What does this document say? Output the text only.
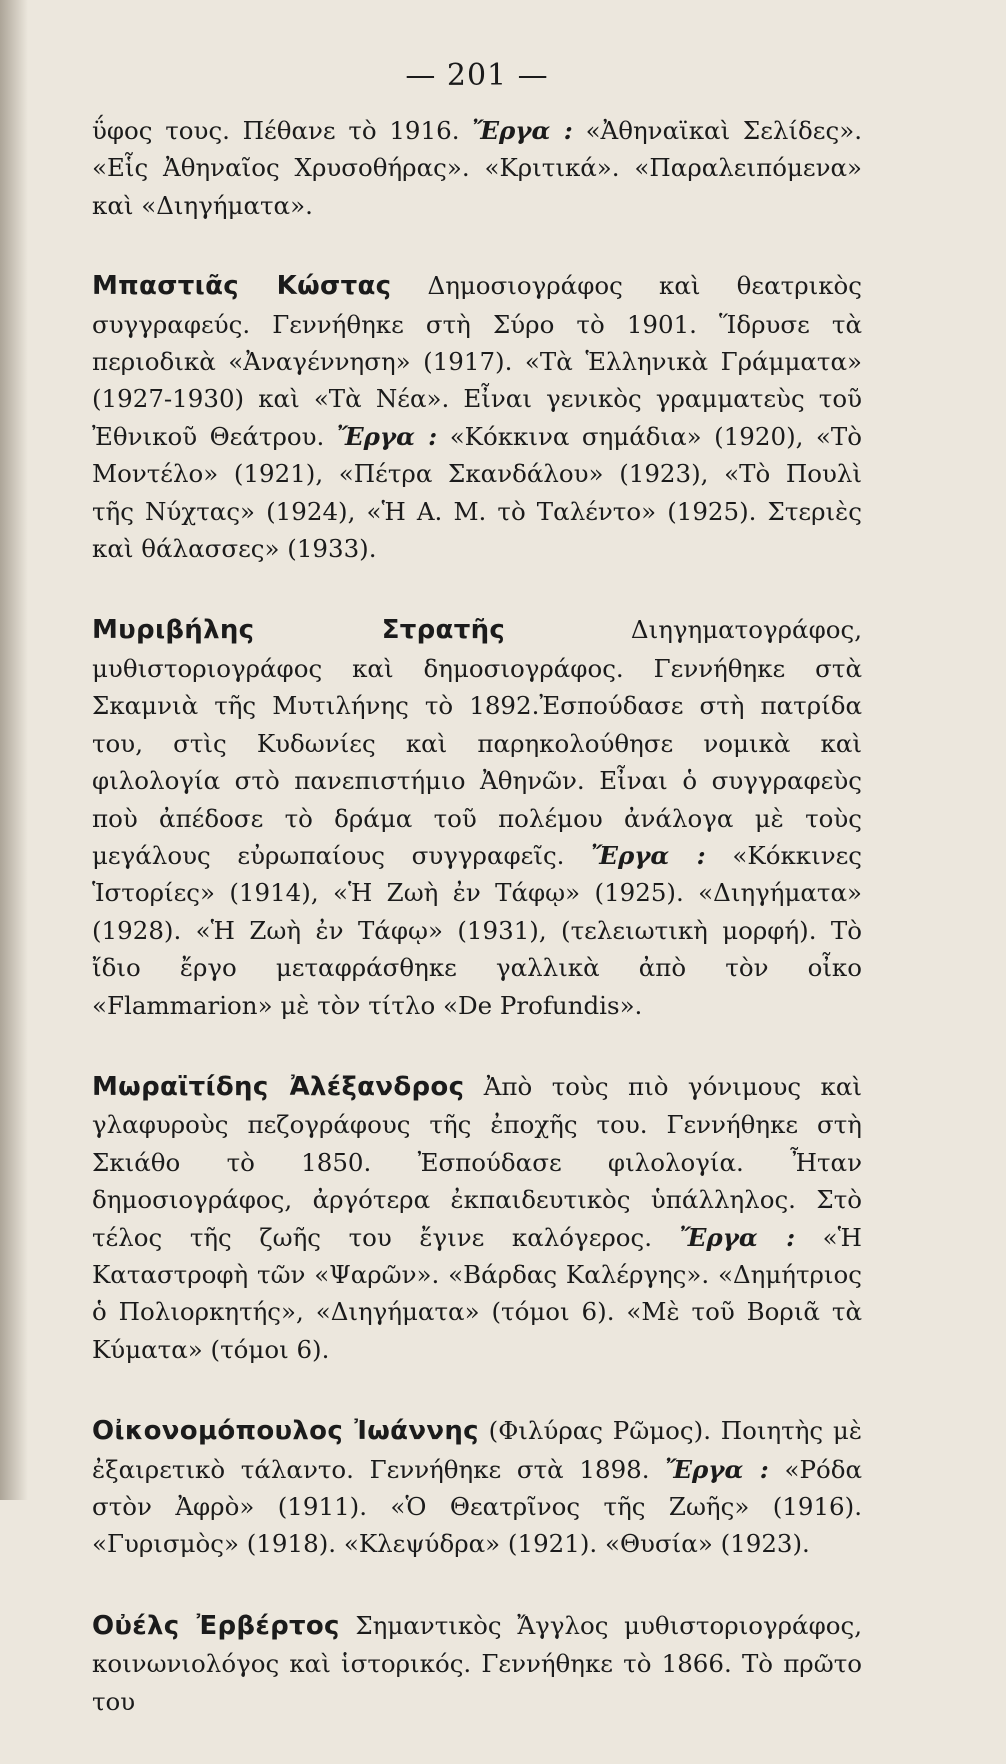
— 201 —

ΰφος τους. Πέθανε τὸ 1916. Ἔργα : «Ἀθηναϊκαὶ Σελίδες». «Εἷς Ἀθηναῖος Χρυσοθήρας». «Κριτικά». «Παραλειπόμενα» καὶ «Διηγήματα».

Μπαστιᾶς Κώστας Δημοσιογράφος καὶ θεατρικὸς συγγραφεύς. Γεννήθηκε στὴ Σύρο τὸ 1901. Ἵδρυσε τὰ περιοδικὰ «Ἀναγέννηση» (1917). «Τὰ Ἑλληνικὰ Γράμματα» (1927-1930) καὶ «Τὰ Νέα». Εἶναι γενικὸς γραμματεὺς τοῦ Ἐθνικοῦ Θεάτρου. Ἔργα : «Κόκκινα σημάδια» (1920), «Τὸ Μοντέλο» (1921), «Πέτρα Σκανδάλου» (1923), «Τὸ Πουλὶ τῆς Νύχτας» (1924), «Ἡ Α. Μ. τὸ Ταλέντο» (1925). Στεριὲς καὶ θάλασσες» (1933).

Μυριβήλης Στρατῆς Διηγηματογράφος, μυθιστοριογράφος καὶ δημοσιογράφος. Γεννήθηκε στὰ Σκαμνιὰ τῆς Μυτιλήνης τὸ 1892.Ἐσπούδασε στὴ πατρίδα του, στὶς Κυδωνίες καὶ παρηκολούθησε νομικὰ καὶ φιλολογία στὸ πανεπιστήμιο Ἀθηνῶν. Εἶναι ὁ συγγραφεὺς ποὺ ἀπέδοσε τὸ δράμα τοῦ πολέμου ἀνάλογα μὲ τοὺς μεγάλους εὐρωπαίους συγγραφεῖς. Ἔργα : «Κόκκινες Ἱστορίες» (1914), «Ἡ Ζωὴ ἐν Τάφῳ» (1925). «Διηγήματα» (1928). «Ἡ Ζωὴ ἐν Τάφῳ» (1931), (τελειωτικὴ μορφή). Τὸ ἴδιο ἔργο μεταφράσθηκε γαλλικὰ ἀπὸ τὸν οἶκο «Flammarion» μὲ τὸν τίτλο «De Profundis».

Μωραϊτίδης Ἀλέξανδρος Ἀπὸ τοὺς πιὸ γόνιμους καὶ γλαφυροὺς πεζογράφους τῆς ἐποχῆς του. Γεννήθηκε στὴ Σκιάθο τὸ 1850. Ἐσπούδασε φιλολογία. Ἦταν δημοσιογράφος, ἀργότερα ἐκπαιδευτικὸς ὑπάλληλος. Στὸ τέλος τῆς ζωῆς του ἔγινε καλόγερος. Ἔργα : «Ἡ Καταστροφὴ τῶν «Ψαρῶν». «Βάρδας Καλέργης». «Δημήτριος ὁ Πολιορκητής», «Διηγήματα» (τόμοι 6). «Μὲ τοῦ Βοριᾶ τὰ Κύματα» (τόμοι 6).

Οἰκονομόπουλος Ἰωάννης (Φιλύρας Ρῶμος). Ποιητὴς μὲ ἐξαιρετικὸ τάλαντο. Γεννήθηκε στὰ 1898. Ἔργα : «Ρόδα στὸν Ἀφρὸ» (1911). «Ὁ Θεατρῖνος τῆς Ζωῆς» (1916). «Γυρισμὸς» (1918). «Κλεψύδρα» (1921). «Θυσία» (1923).

Οὐέλς Ἐρβέρτος Σημαντικὸς Ἄγγλος μυθιστοριογράφος, κοινωνιολόγος καὶ ἱστορικός. Γεννήθηκε τὸ 1866. Τὸ πρῶτο του
